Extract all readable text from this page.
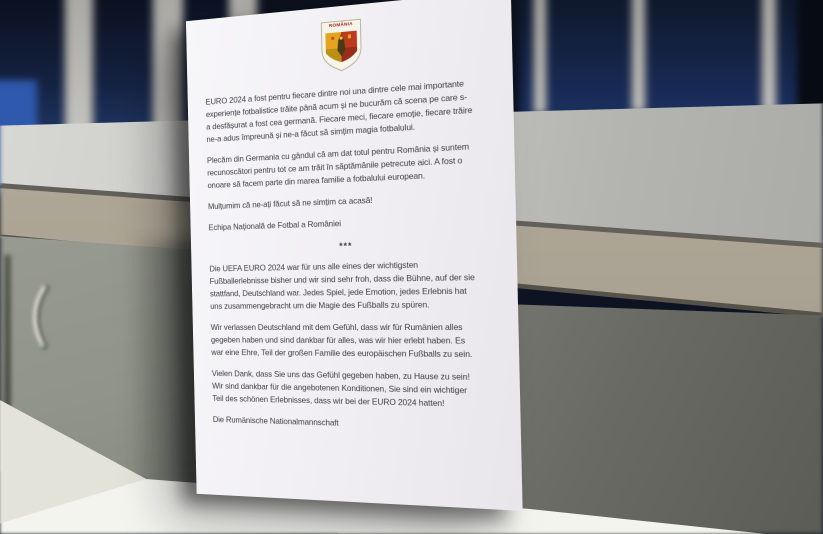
ROMÂNIA

EURO 2024 a fost pentru fiecare dintre noi una dintre cele mai importante
experiențe fotbalistice trăite până acum și ne bucurăm că scena pe care s-
a desfășurat a fost cea germană. Fiecare meci, fiecare emoție, fiecare trăire
ne-a adus împreună și ne-a făcut să simțim magia fotbalului.

Plecăm din Germania cu gândul că am dat totul pentru România și suntem
recunoscători pentru tot ce am trăit în săptămânile petrecute aici. A fost o
onoare să facem parte din marea familie a fotbalului european.

Mulțumim că ne-ați făcut să ne simțim ca acasă!

Echipa Națională de Fotbal a României

***

Die UEFA EURO 2024 war für uns alle eines der wichtigsten
Fußballerlebnisse bisher und wir sind sehr froh, dass die Bühne, auf der sie
stattfand, Deutschland war. Jedes Spiel, jede Emotion, jedes Erlebnis hat
uns zusammengebracht um die Magie des Fußballs zu spüren.

Wir verlassen Deutschland mit dem Gefühl, dass wir für Rumänien alles
gegeben haben und sind dankbar für alles, was wir hier erlebt haben. Es
war eine Ehre, Teil der großen Familie des europäischen Fußballs zu sein.

Vielen Dank, dass Sie uns das Gefühl gegeben haben, zu Hause zu sein!
Wir sind dankbar für die angebotenen Konditionen, Sie sind ein wichtiger
Teil des schönen Erlebnisses, dass wir bei der EURO 2024 hatten!

Die Rumänische Nationalmannschaft
